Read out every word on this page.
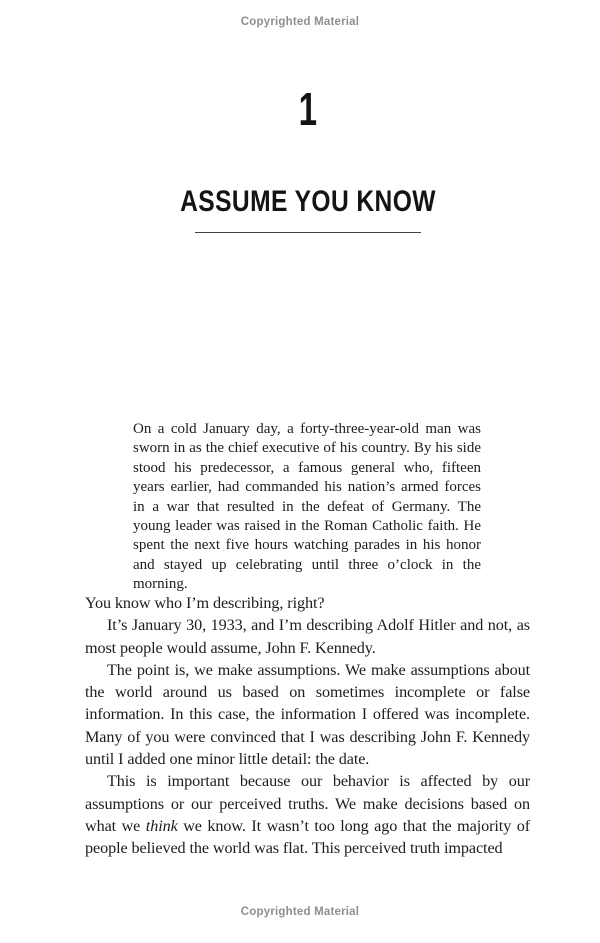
Copyrighted Material
1
ASSUME YOU KNOW
On a cold January day, a forty-three-year-old man was sworn in as the chief executive of his country. By his side stood his predecessor, a famous general who, fifteen years earlier, had commanded his nation’s armed forces in a war that resulted in the defeat of Germany. The young leader was raised in the Roman Catholic faith. He spent the next five hours watching parades in his honor and stayed up celebrating until three o’clock in the morning.

You know who I’m describing, right?

It’s January 30, 1933, and I’m describing Adolf Hitler and not, as most people would assume, John F. Kennedy.

The point is, we make assumptions. We make assumptions about the world around us based on sometimes incomplete or false information. In this case, the information I offered was incomplete. Many of you were convinced that I was describing John F. Kennedy until I added one minor little detail: the date.

This is important because our behavior is affected by our assumptions or our perceived truths. We make decisions based on what we think we know. It wasn’t too long ago that the majority of people believed the world was flat. This perceived truth impacted

Copyrighted Material
